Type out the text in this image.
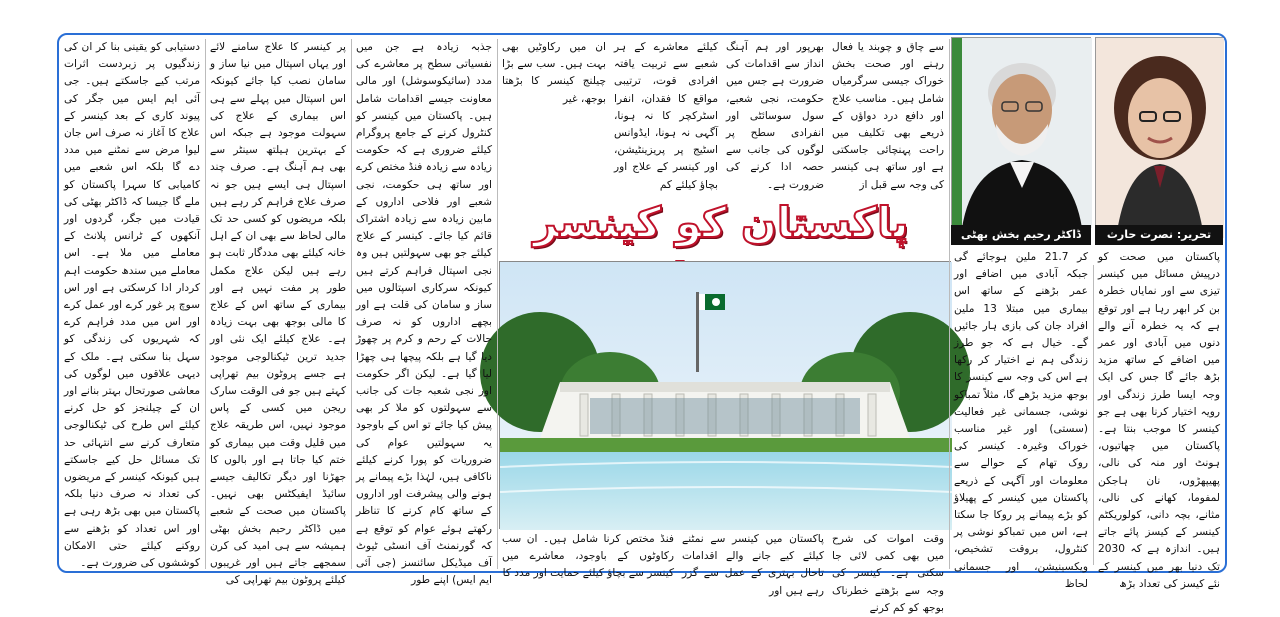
تحریر: نصرت حارث
ڈاکٹر رحیم بخش بھٹی
پاکستان کو کینسر
پاکستان میں صحت کو درپیش مسائل میں کینسر تیزی سے اور نمایاں خطرہ بن کر ابھر رہا ہے اور توقع ہے کہ یہ خطرہ آنے والے دنوں میں آبادی اور عمر میں اضافے کے ساتھ مزید بڑھ جائے گا جس کی ایک وجہ ایسا طرز زندگی اور رویہ اختیار کرنا بھی ہے جو کینسر کا موجب بنتا ہے۔ پاکستان میں چھاتیوں، ہونٹ اور منہ کی نالی، پھیپھڑوں، نان ہاجکن لمفوما، کھانے کی نالی، مثانے، بچہ دانی، کولوریکٹم کینسر کے کیسز پائے جاتے ہیں۔ اندازہ ہے کہ 2030 تک دنیا بھر میں کینسر کے نئے کیسز کی تعداد بڑھ
کر 21.7 ملین ہوجائے گی جبکہ آبادی میں اضافے اور عمر بڑھنے کے ساتھ اس بیماری میں مبتلا 13 ملین افراد جان کی بازی ہار جائیں گے۔ خیال ہے کہ جو طرز زندگی ہم نے اختیار کر رکھا ہے اس کی وجہ سے کینسر کا بوجھ مزید بڑھے گا، مثلاً تمباکو نوشی، جسمانی غیر فعالیت (سستی) اور غیر مناسب خوراک وغیرہ۔ کینسر کی روک تھام کے حوالے سے معلومات اور آگہی کے ذریعے پاکستان میں کینسر کے پھیلاؤ کو بڑے پیمانے پر روکا جا سکتا ہے، اس میں تمباکو نوشی پر کنٹرول، بروقت تشخیص، ویکسینیشن، اور جسمانی لحاظ
سے چاق و چوبند یا فعال رہنے اور صحت بخش خوراک جیسی سرگرمیاں شامل ہیں۔ مناسب علاج اور دافع درد دواؤں کے ذریعے بھی تکلیف میں راحت پہنچائی جاسکتی ہے اور ساتھ ہی کینسر کی وجہ سے قبل از
بھرپور اور ہم آہنگ انداز سے اقدامات کی ضرورت ہے جس میں حکومت، نجی شعبے، سول سوسائٹی اور انفرادی سطح پر لوگوں کی جانب سے حصہ ادا کرنے کی ضرورت ہے۔
کیلئے معاشرے کے ہر شعبے سے تربیت یافتہ افرادی قوت، ترتیبی مواقع کا فقدان، انفرا اسٹرکچر کا نہ ہونا، آگہی نہ ہونا، ایڈوانس اسٹیج پر پریزینٹیشن، اور کینسر کے علاج اور بچاؤ کیلئے کم
ان میں رکاوٹیں بھی بہت ہیں۔ سب سے بڑا چیلنج کینسر کا بڑھتا بوجھ، غیر
وقت اموات کی شرح میں بھی کمی لائی جا سکتی ہے۔ کینسر کی وجہ سے بڑھتے خطرناک بوجھ کو کم کرنے
پاکستان میں کینسر سے نمٹنے کیلئے کیے جانے والے اقدامات تاحال بہتری کے عمل سے گزر رہے ہیں اور
فنڈ مختص کرنا شامل ہیں۔ ان سب رکاوٹوں کے باوجود، معاشرے میں کینسر سے بچاؤ کیلئے حمایت اور مدد کا
جذبہ زیادہ ہے جن میں نفسیاتی سطح پر معاشرے کی مدد (سائیکوسوشل) اور مالی معاونت جیسے اقدامات شامل ہیں۔ پاکستان میں کینسر کو کنٹرول کرنے کے جامع پروگرام کیلئے ضروری ہے کہ حکومت زیادہ سے زیادہ فنڈ مختص کرے اور ساتھ ہی حکومت، نجی شعبے اور فلاحی اداروں کے مابین زیادہ سے زیادہ اشتراک قائم کیا جائے۔ کینسر کے علاج کیلئے جو بھی سہولتیں ہیں وہ نجی اسپتال فراہم کرتے ہیں کیونکہ سرکاری اسپتالوں میں ساز و سامان کی قلت ہے اور بچھے اداروں کو نہ صرف حالات کے رحم و کرم پر چھوڑ دیا گیا ہے بلکہ پیچھا ہی چھڑا لیا گیا ہے۔ لیکن اگر حکومت اور نجی شعبہ جات کی جانب سے سہولتوں کو ملا کر بھی پیش کیا جائے تو اس کے باوجود یہ سہولتیں عوام کی ضروریات کو پورا کرنے کیلئے ناکافی ہیں، لہٰذا بڑے پیمانے پر ہونے والی پیشرفت اور اداروں کے ساتھ کام کرنے کا تناظر رکھتے ہوئے عوام کو توقع ہے کہ گورنمنٹ آف انسٹی ٹیوٹ آف میڈیکل سائنسز (جی آئی ایم ایس) اپنے طور
پر کینسر کا علاج سامنے لائے اور یہاں اسپتال میں نیا ساز و سامان نصب کیا جائے کیونکہ اس اسپتال میں پہلے سے ہی اس بیماری کے علاج کی سہولت موجود ہے جبکہ اس کے بہترین ہیلتھ سینٹر سے بھی ہم آہنگ ہے۔ صرف چند اسپتال ہی ایسے ہیں جو نہ صرف علاج فراہم کر رہے ہیں بلکہ مریضوں کو کسی حد تک مالی لحاظ سے بھی ان کے اہل خانہ کیلئے بھی مددگار ثابت ہو رہے ہیں لیکن علاج مکمل طور پر مفت نہیں ہے اور بیماری کے ساتھ اس کے علاج کا مالی بوجھ بھی بہت زیادہ ہے۔ علاج کیلئے ایک نئی اور جدید ترین ٹیکنالوجی موجود ہے جسے پروٹون بیم تھراپی کہتے ہیں جو فی الوقت سارک ریجن میں کسی کے پاس موجود نہیں، اس طریقہ علاج میں قلیل وقت میں بیماری کو ختم کیا جاتا ہے اور بالوں کا جھڑنا اور دیگر تکالیف جیسے سائیڈ ایفیکٹس بھی نہیں۔ پاکستان میں صحت کے شعبے میں ڈاکٹر رحیم بخش بھٹی ہمیشہ سے ہی امید کی کرن سمجھے جاتے ہیں اور غریبوں کیلئے پروٹون بیم تھراپی کی
دستیابی کو یقینی بنا کر ان کی زندگیوں پر زبردست اثرات مرتب کیے جاسکتے ہیں۔ جی آئی ایم ایس میں جگر کی پیوند کاری کے بعد کینسر کے علاج کا آغاز نہ صرف اس جان لیوا مرض سے نمٹنے میں مدد دے گا بلکہ اس شعبے میں کامیابی کا سہرا پاکستان کو ملے گا جیسا کہ ڈاکٹر بھٹی کی قیادت میں جگر، گردوں اور آنکھوں کے ٹرانس پلانٹ کے معاملے میں ملا ہے۔ اس معاملے میں سندھ حکومت اہم کردار ادا کرسکتی ہے اور اس سوچ پر غور کرے اور عمل کرے اور اس میں مدد فراہم کرے کہ شہریوں کی زندگی کو سہل بنا سکتی ہے۔ ملک کے دیہی علاقوں میں لوگوں کی معاشی صورتحال بہتر بنانے اور ان کے چیلنجز کو حل کرنے کیلئے اس طرح کی ٹیکنالوجی متعارف کرنے سے انتہائی حد تک مسائل حل کیے جاسکتے ہیں کیونکہ کینسر کے مریضوں کی تعداد نہ صرف دنیا بلکہ پاکستان میں بھی بڑھ رہی ہے اور اس تعداد کو بڑھنے سے روکنے کیلئے حتی الامکان کوششوں کی ضرورت ہے۔
